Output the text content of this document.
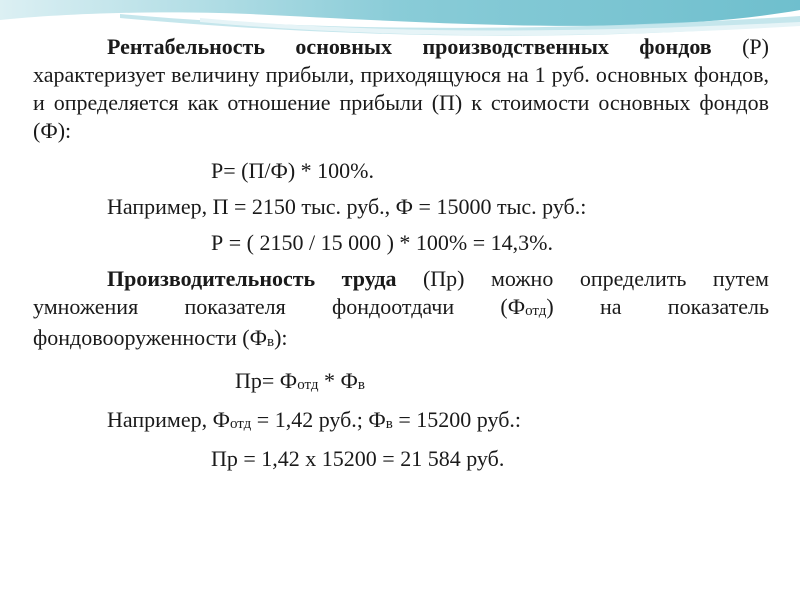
Рентабельность основных производственных фондов (Р) характеризует величину прибыли, приходящуюся на 1 руб. основных фондов, и определяется как отношение прибыли (П) к стоимости основных фондов (Ф):

Р= (П/Ф) * 100%.

Например, П = 2150 тыс. руб., Ф = 15000 тыс. руб.:

Р = ( 2150 / 15 000 ) * 100% = 14,3%.

Производительность труда (Пр) можно определить путем умножения показателя фондоотдачи $(Ф_{отд})$ на показатель фондовооруженности $(Ф_в)$:

$Пр= Ф_{отд} * Ф_в$

Например, $Ф_{отд} = 1,42$ руб.; $Ф_в = 15200$ руб.:

Пр = 1,42 х 15200 = 21 584 руб.
